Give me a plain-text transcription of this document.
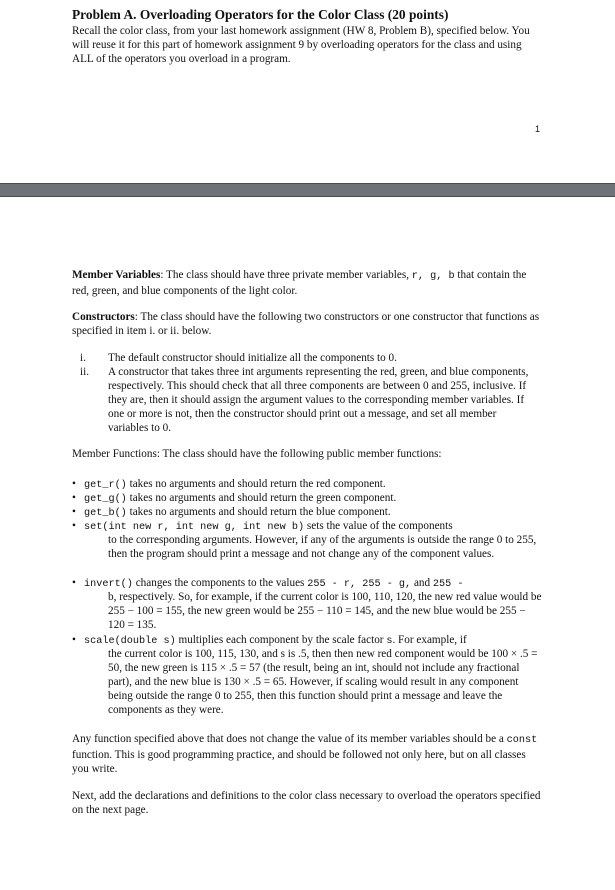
Problem A. Overloading Operators for the Color Class (20 points)

Recall the color class, from your last homework assignment (HW 8, Problem B), specified below. You will reuse it for this part of homework assignment 9 by overloading operators for the class and using ALL of the operators you overload in a program.

1

Member Variables: The class should have three private member variables, r, g, b that contain the red, green, and blue components of the light color.

Constructors: The class should have the following two constructors or one constructor that functions as specified in item i. or ii. below.

i.	The default constructor should initialize all the components to 0.

ii.	A constructor that takes three int arguments representing the red, green, and blue components, respectively. This should check that all three components are between 0 and 255, inclusive. If they are, then it should assign the argument values to the corresponding member variables. If one or more is not, then the constructor should print out a message, and set all member variables to 0.

Member Functions: The class should have the following public member functions:

• get_r() takes no arguments and should return the red component.

• get_g() takes no arguments and should return the green component.

• get_b() takes no arguments and should return the blue component.

• set(int new r, int new g, int new b) sets the value of the components

to the corresponding arguments. However, if any of the arguments is outside the range 0 to 255, then the program should print a message and not change any of the component values.

• invert() changes the components to the values 255 - r, 255 - g, and 255 -

b, respectively. So, for example, if the current color is 100, 110, 120, the new red value would be 255 − 100 = 155, the new green would be 255 − 110 = 145, and the new blue would be 255 − 120 = 135.

• scale(double s) multiplies each component by the scale factor s. For example, if

the current color is 100, 115, 130, and s is .5, then then new red component would be 100 × .5 = 50, the new green is 115 × .5 = 57 (the result, being an int, should not include any fractional part), and the new blue is 130 × .5 = 65. However, if scaling would result in any component being outside the range 0 to 255, then this function should print a message and leave the components as they were.

Any function specified above that does not change the value of its member variables should be a const function. This is good programming practice, and should be followed not only here, but on all classes you write.

Next, add the declarations and definitions to the color class necessary to overload the operators specified on the next page.
